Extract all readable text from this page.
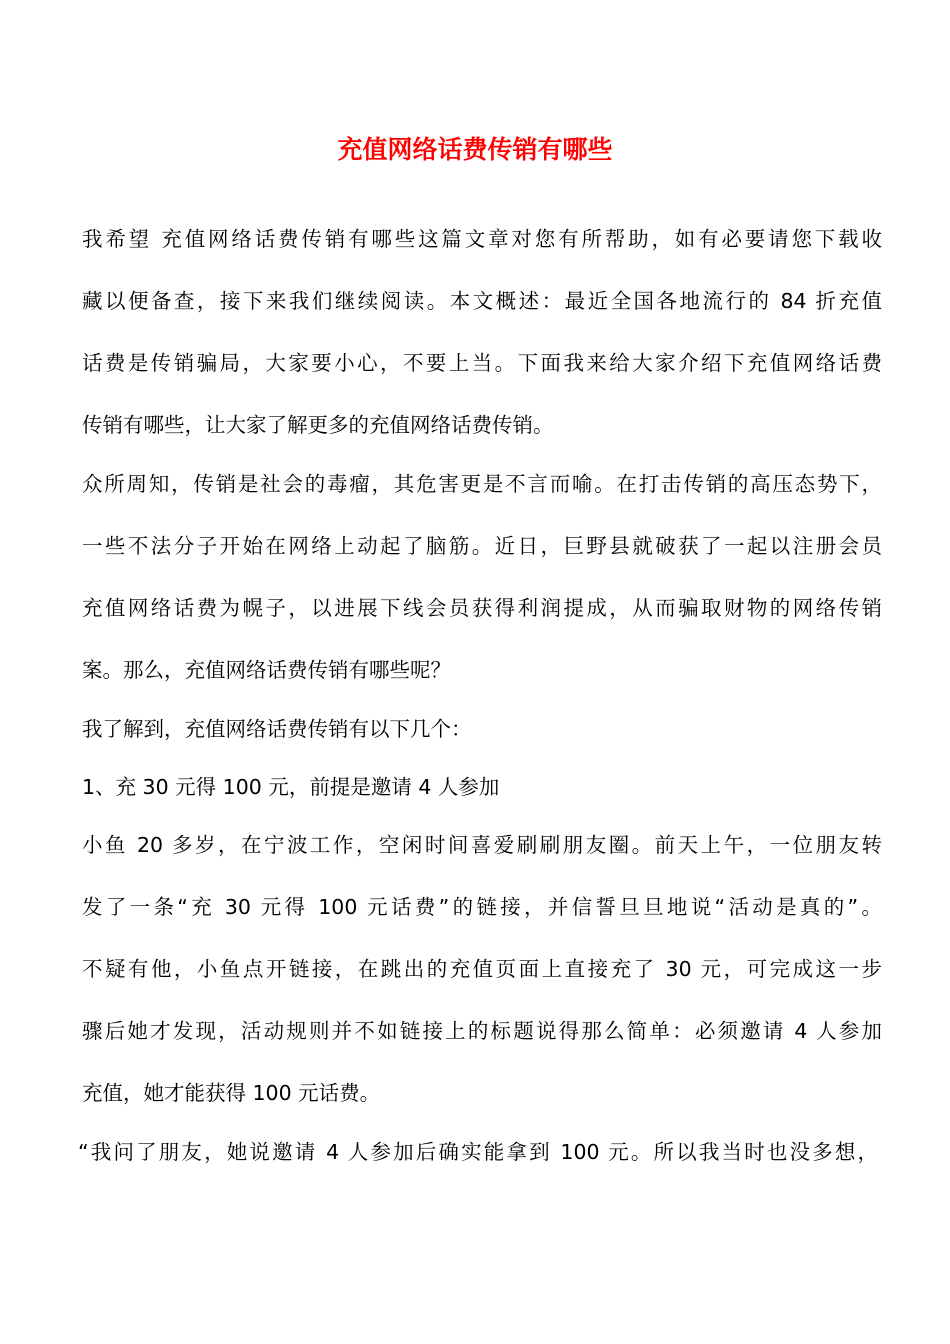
充值网络话费传销有哪些
我希望 充值网络话费传销有哪些这篇文章对您有所帮助，如有必要请您下载收
藏以便备查，接下来我们继续阅读。本文概述：最近全国各地流行的 84 折充值
话费是传销骗局，大家要小心，不要上当。下面我来给大家介绍下充值网络话费
传销有哪些，让大家了解更多的充值网络话费传销。
众所周知，传销是社会的毒瘤，其危害更是不言而喻。在打击传销的高压态势下，
一些不法分子开始在网络上动起了脑筋。近日，巨野县就破获了一起以注册会员
充值网络话费为幌子，以进展下线会员获得利润提成，从而骗取财物的网络传销
案。那么，充值网络话费传销有哪些呢？
我了解到，充值网络话费传销有以下几个：
1、充 30 元得 100 元，前提是邀请 4 人参加
小鱼 20 多岁，在宁波工作，空闲时间喜爱刷刷朋友圈。前天上午，一位朋友转
发了一条“充 30 元得 100 元话费”的链接，并信誓旦旦地说“活动是真的”。
不疑有他，小鱼点开链接，在跳出的充值页面上直接充了 30 元，可完成这一步
骤后她才发现，活动规则并不如链接上的标题说得那么简单：必须邀请 4 人参加
充值，她才能获得 100 元话费。
“我问了朋友，她说邀请 4 人参加后确实能拿到 100 元。所以我当时也没多想，
